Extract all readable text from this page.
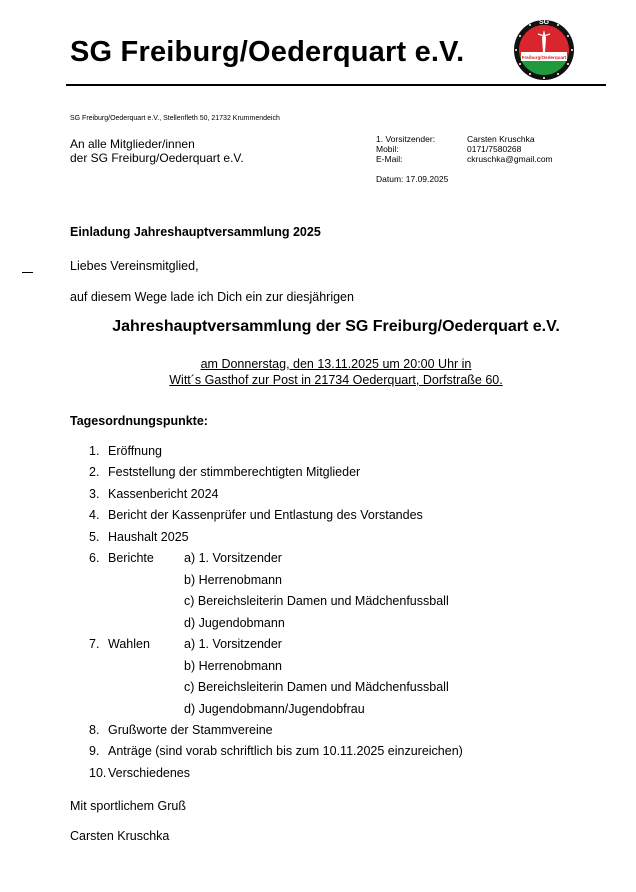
SG Freiburg/Oederquart e.V.
SG
Freiburg/Oederquart
SG Freiburg/Oederquart e.V., Stellenfleth 50, 21732 Krummendeich
An alle Mitglieder/innen
der SG Freiburg/Oederquart e.V.
1. Vorsitzender:	Carsten Kruschka
Mobil:	0171/7580268
E-Mail:	ckruschka@gmail.com
Datum: 17.09.2025
Einladung Jahreshauptversammlung 2025
Liebes Vereinsmitglied,
auf diesem Wege lade ich Dich ein zur diesjährigen
Jahreshauptversammlung der SG Freiburg/Oederquart e.V.
am Donnerstag, den 13.11.2025 um 20:00 Uhr in
Witt´s Gasthof zur Post in 21734 Oederquart, Dorfstraße 60.
Tagesordnungspunkte:
1. Eröffnung
2. Feststellung der stimmberechtigten Mitglieder
3. Kassenbericht 2024
4. Bericht der Kassenprüfer und Entlastung des Vorstandes
5. Haushalt 2025
6. Berichte a) 1. Vorsitzender
b) Herrenobmann
c) Bereichsleiterin Damen und Mädchenfussball
d) Jugendobmann
7. Wahlen	a) 1. Vorsitzender
b) Herrenobmann
c) Bereichsleiterin Damen und Mädchenfussball
d) Jugendobmann/Jugendobfrau
8. Grußworte der Stammvereine
9. Anträge (sind vorab schriftlich bis zum 10.11.2025 einzureichen)
10. Verschiedenes
Mit sportlichem Gruß
Carsten Kruschka
